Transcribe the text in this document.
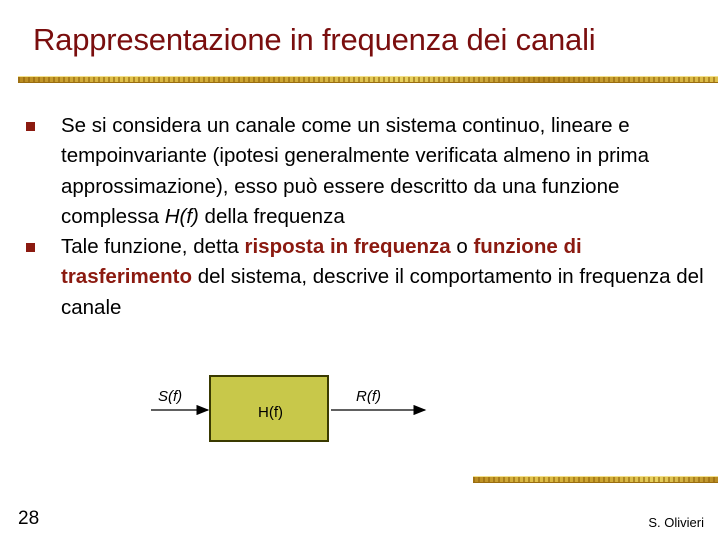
Rappresentazione in frequenza dei canali
Se si considera un canale come un sistema continuo, lineare e tempoinvariante (ipotesi generalmente verificata almeno in prima approssimazione), esso può essere descritto da una funzione complessa H(f) della frequenza
Tale funzione, detta risposta in frequenza o funzione di trasferimento del sistema, descrive il comportamento in frequenza del canale
H(f)
S(f)	R(f)
28	S. Olivieri
